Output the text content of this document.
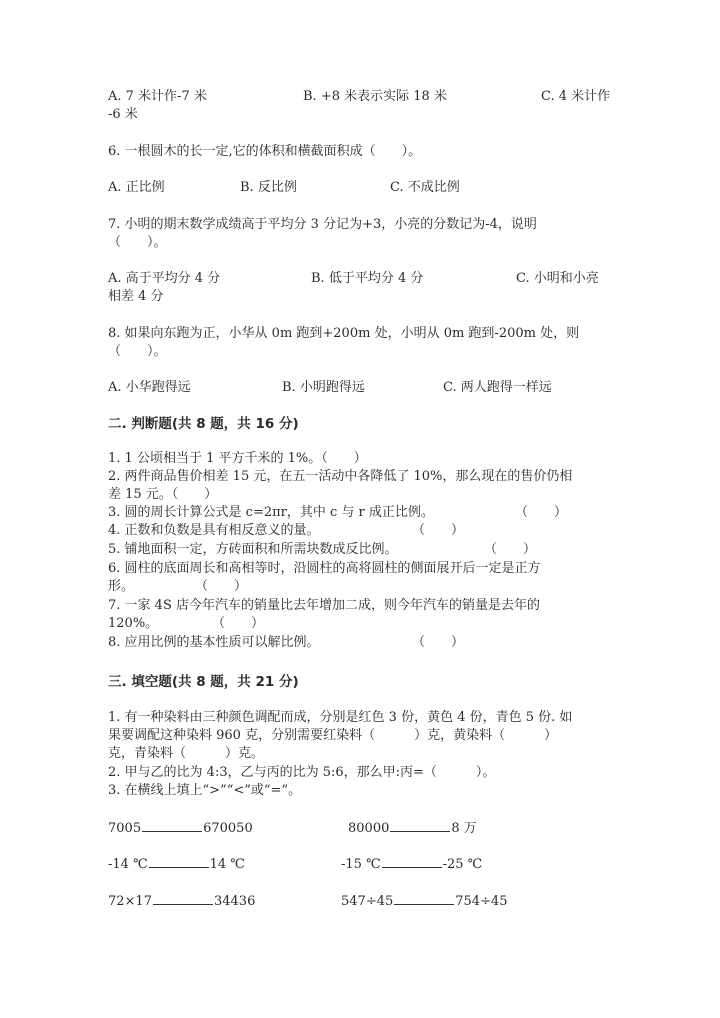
A. 7 米计作-7 米	B. +8 米表示实际 18 米	C. 4 米计作
-6 米
6. 一根圆木的长一定,它的体积和横截面积成（　　）。
A. 正比例	B. 反比例	C. 不成比例
7. 小明的期末数学成绩高于平均分 3 分记为+3，小亮的分数记为-4，说明
（　　）。
A. 高于平均分 4 分	B. 低于平均分 4 分	C. 小明和小亮
相差 4 分
8. 如果向东跑为正，小华从 0m 跑到+200m 处，小明从 0m 跑到-200m 处，则
（　　）。
A. 小华跑得远	B. 小明跑得远	C. 两人跑得一样远
二. 判断题(共 8 题，共 16 分)
1. 1 公顷相当于 1 平方千米的 1%。（　　）
2. 两件商品售价相差 15 元，在五一活动中各降低了 10%，那么现在的售价仍相
差 15 元。（　　）
3. 圆的周长计算公式是 c=2πr，其中 c 与 r 成正比例。	（　　）
4. 正数和负数是具有相反意义的量。	（　　）
5. 铺地面积一定，方砖面积和所需块数成反比例。	（　　）
6. 圆柱的底面周长和高相等时，沿圆柱的高将圆柱的侧面展开后一定是正方
形。	（　　）
7. 一家 4S 店今年汽车的销量比去年增加二成，则今年汽车的销量是去年的
120%。	（　　）
8. 应用比例的基本性质可以解比例。	（　　）
三. 填空题(共 8 题，共 21 分)
1. 有一种染料由三种颜色调配而成，分别是红色 3 份，黄色 4 份，青色 5 份. 如
果要调配这种染料 960 克，分别需要红染料（　　　）克，黄染料（　　　）
克，青染料（　　　）克。
2. 甲与乙的比为 4:3，乙与丙的比为 5:6，那么甲:丙=（　　　）。
3. 在横线上填上“>”“<”或“=”。
7005	670050	80000	8 万
-14 ℃	14 ℃	-15 ℃	-25 ℃
72×17	34436	547÷45	754÷45
